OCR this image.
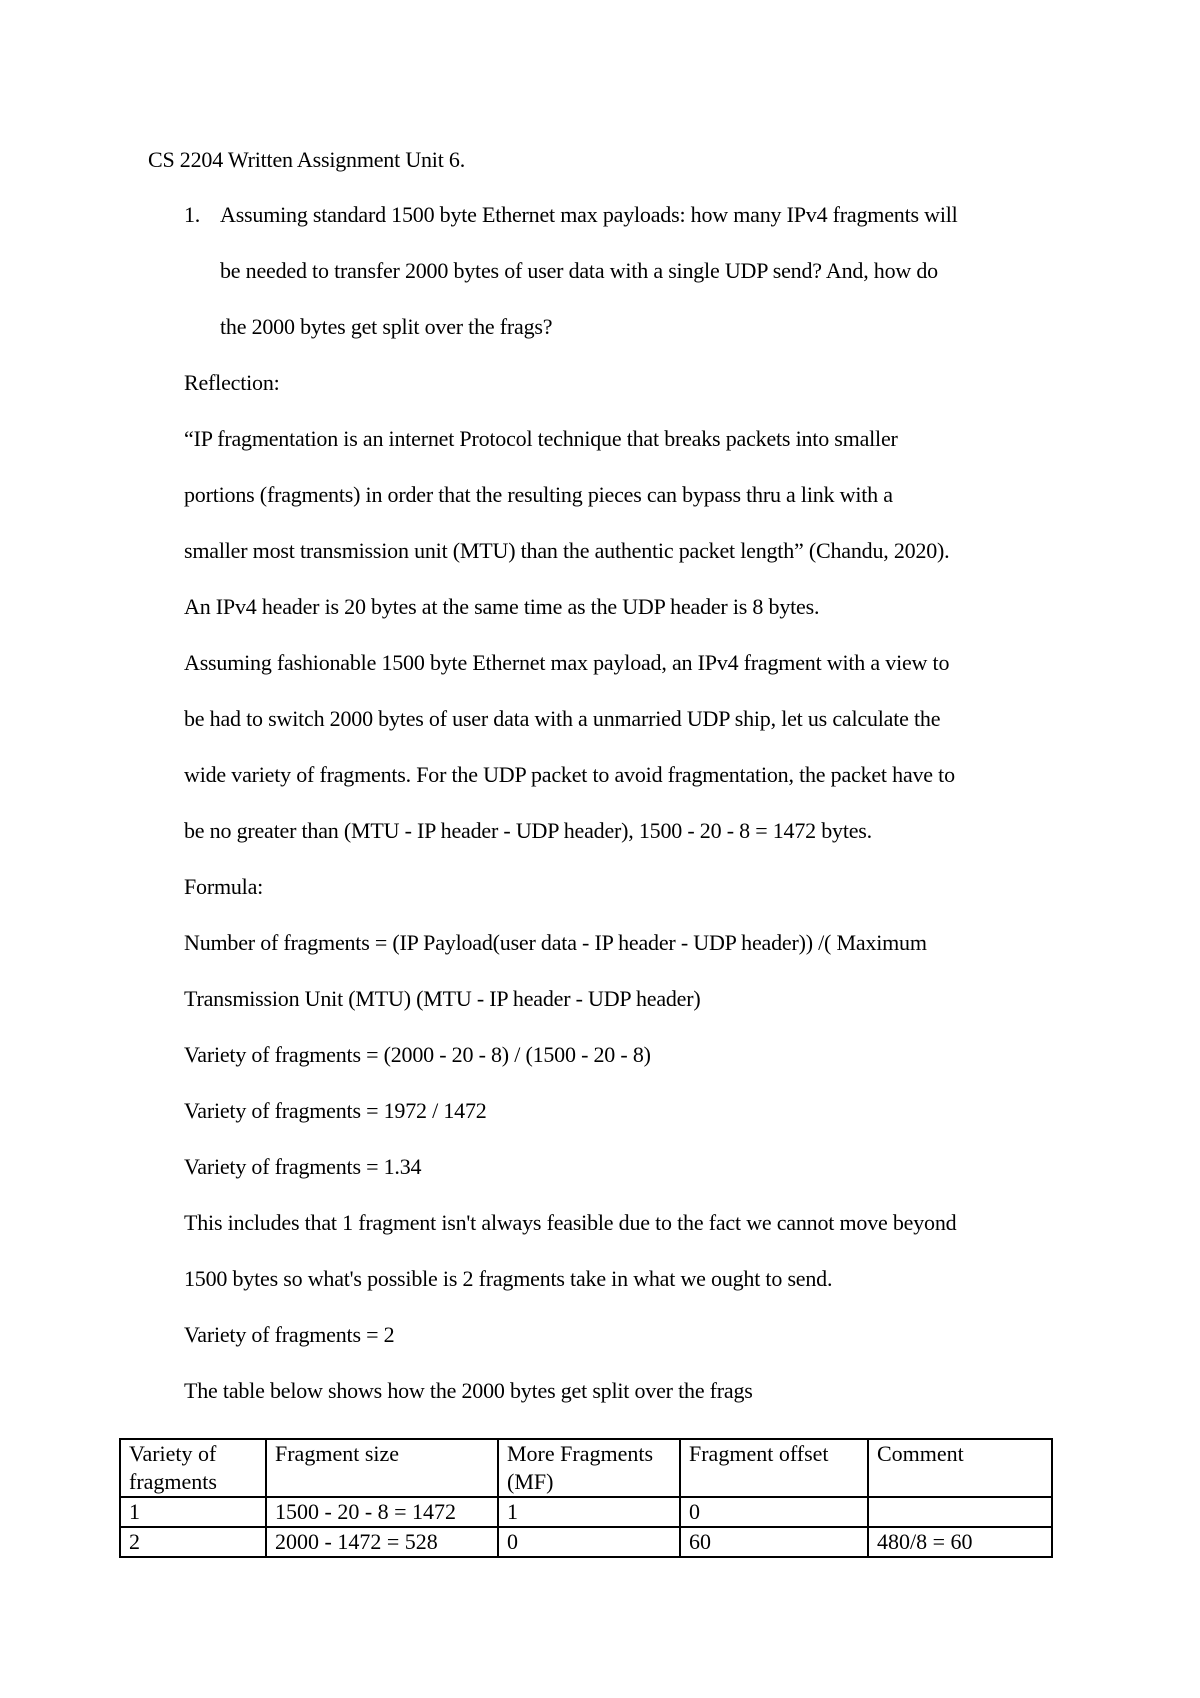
CS 2204 Written Assignment Unit 6.
1. Assuming standard 1500 byte Ethernet max payloads: how many IPv4 fragments will
be needed to transfer 2000 bytes of user data with a single UDP send? And, how do
the 2000 bytes get split over the frags?
Reflection:
“IP fragmentation is an internet Protocol technique that breaks packets into smaller
portions (fragments) in order that the resulting pieces can bypass thru a link with a
smaller most transmission unit (MTU) than the authentic packet length” (Chandu, 2020).
An IPv4 header is 20 bytes at the same time as the UDP header is 8 bytes.
Assuming fashionable 1500 byte Ethernet max payload, an IPv4 fragment with a view to
be had to switch 2000 bytes of user data with a unmarried UDP ship, let us calculate the
wide variety of fragments. For the UDP packet to avoid fragmentation, the packet have to
be no greater than (MTU - IP header - UDP header), 1500 - 20 - 8 = 1472 bytes.
Formula:
Number of fragments = (IP Payload(user data - IP header - UDP header)) /( Maximum
Transmission Unit (MTU) (MTU - IP header - UDP header)
Variety of fragments = (2000 - 20 - 8) / (1500 - 20 - 8)
Variety of fragments = 1972 / 1472
Variety of fragments = 1.34
This includes that 1 fragment isn't always feasible due to the fact we cannot move beyond
1500 bytes so what's possible is 2 fragments take in what we ought to send.
Variety of fragments = 2
The table below shows how the 2000 bytes get split over the frags
Variety of fragments	Fragment size	More Fragments (MF)	Fragment offset	Comment
1	1500 - 20 - 8 = 1472	1	0	
2	2000 - 1472 = 528	0	60	480/8 = 60
